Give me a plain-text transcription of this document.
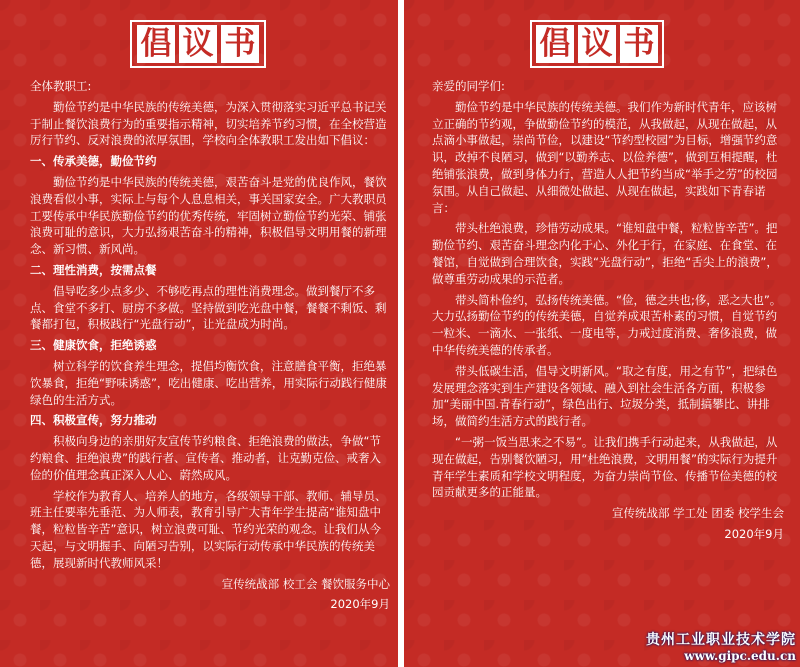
倡 议 书

全体教职工:

勤俭节约是中华民族的传统美德，为深入贯彻落实习近平总书记关于制止餐饮浪费行为的重要指示精神，切实培养节约习惯，在全校营造厉行节约、反对浪费的浓厚氛围，学校向全体教职工发出如下倡议：

一、传承美德，勤俭节约

勤俭节约是中华民族的传统美德，艰苦奋斗是党的优良作风，餐饮浪费看似小事，实际上与每个人息息相关，事关国家安全。广大教职员工要传承中华民族勤俭节约的优秀传统，牢固树立勤俭节约光荣、铺张浪费可耻的意识，大力弘扬艰苦奋斗的精神，积极倡导文明用餐的新理念、新习惯、新风尚。

二、理性消费，按需点餐

倡导吃多少点多少、不够吃再点的理性消费理念。做到餐厅不多点、食堂不多打、厨房不多做。坚持做到吃光盘中餐，餐餐不剩饭、剩餐都打包，积极践行“光盘行动”，让光盘成为时尚。

三、健康饮食，拒绝诱惑

树立科学的饮食养生理念，提倡均衡饮食，注意膳食平衡，拒绝暴饮暴食，拒绝“野味诱惑”，吃出健康、吃出营养，用实际行动践行健康绿色的生活方式。

四、积极宣传，努力推动

积极向身边的亲朋好友宣传节约粮食、拒绝浪费的做法，争做“节约粮食、拒绝浪费”的践行者、宣传者、推动者，让克勤克俭、戒奢入俭的价值理念真正深入人心、蔚然成风。

学校作为教育人、培养人的地方，各级领导干部、教师、辅导员、班主任要率先垂范、为人师表，教育引导广大青年学生提高“谁知盘中餐，粒粒皆辛苦”意识，树立浪费可耻、节约光荣的观念。让我们从今天起，与文明握手、向陋习告别，以实际行动传承中华民族的传统美德，展现新时代教师风采！

宣传统战部 校工会 餐饮服务中心

2020年9月

倡 议 书

亲爱的同学们:

勤俭节约是中华民族的传统美德。我们作为新时代青年，应该树立正确的节约观，争做勤俭节约的模范，从我做起，从现在做起，从点滴小事做起，崇尚节俭，以建设“节约型校园”为目标，增强节约意识，改掉不良陋习，做到“以勤养志、以俭养德”，做到互相提醒，杜绝铺张浪费，做到身体力行，营造人人把节约当成“举手之劳”的校园氛围。从自己做起、从细微处做起、从现在做起，实践如下青春诺言：

带头杜绝浪费，珍惜劳动成果。“谁知盘中餐，粒粒皆辛苦”。把勤俭节约、艰苦奋斗理念内化于心、外化于行，在家庭、在食堂、在餐馆，自觉做到合理饮食，实践“光盘行动”，拒绝“舌尖上的浪费”，做尊重劳动成果的示范者。

带头简朴俭约，弘扬传统美德。“俭，德之共也;侈，恶之大也”。大力弘扬勤俭节约的传统美德，自觉养成艰苦朴素的习惯，自觉节约一粒米、一滴水、一张纸、一度电等，力戒过度消费、奢侈浪费，做中华传统美德的传承者。

带头低碳生活，倡导文明新风。“取之有度，用之有节”，把绿色发展理念落实到生产建设各领域、融入到社会生活各方面，积极参加“美丽中国.青春行动”，绿色出行、垃圾分类，抵制搞攀比、讲排场，做简约生活方式的践行者。

“一粥一饭当思来之不易”。让我们携手行动起来，从我做起，从现在做起，告别餐饮陋习，用“杜绝浪费，文明用餐”的实际行为提升青年学生素质和学校文明程度，为奋力崇尚节俭、传播节俭美德的校园贡献更多的正能量。

宣传统战部 学工处 团委 校学生会

2020年9月

贵州工业职业技术学院
www.gipc.edu.cn
